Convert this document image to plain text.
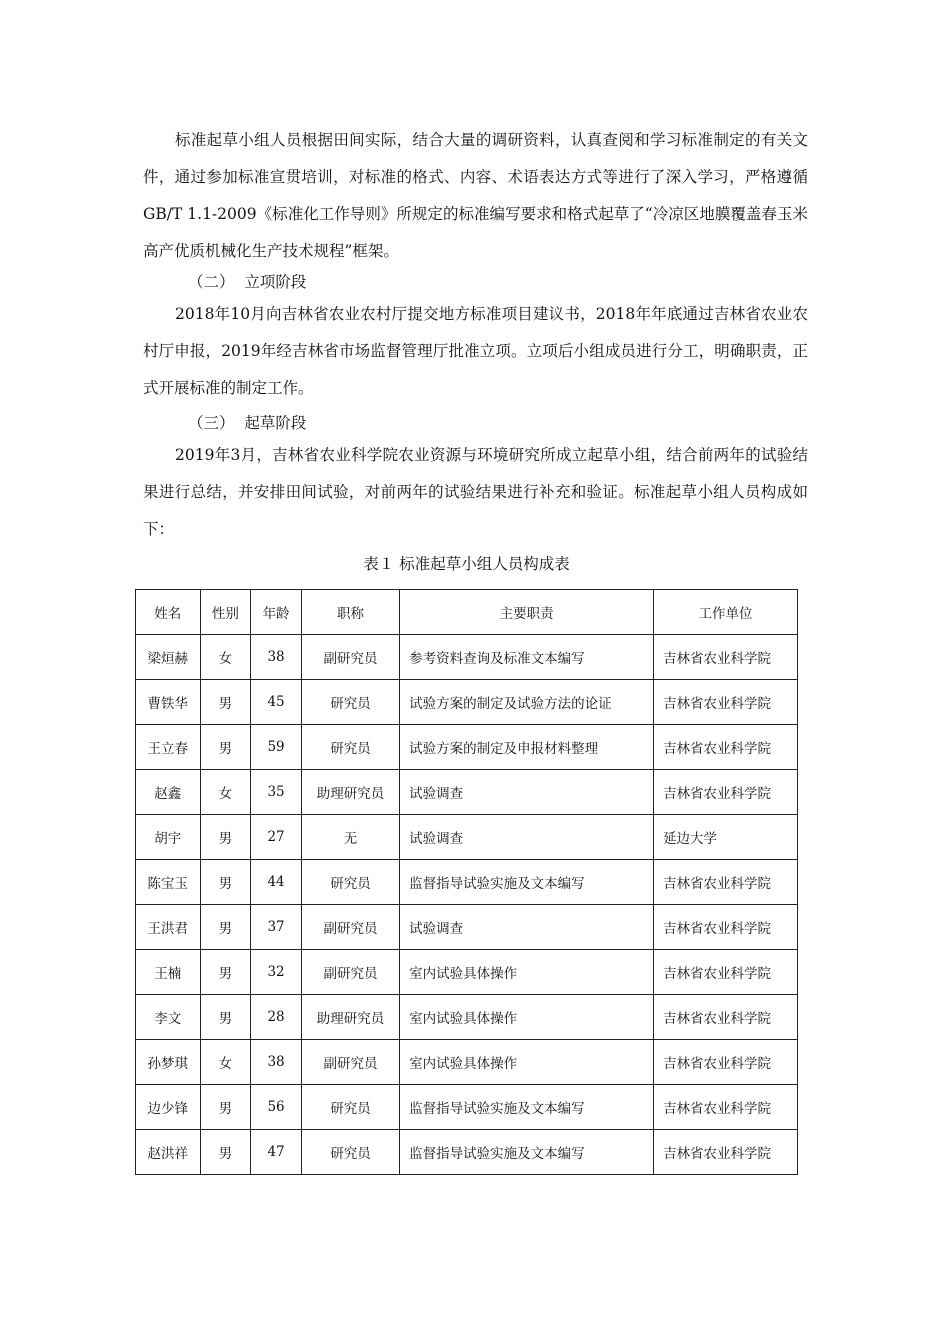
标准起草小组人员根据田间实际，结合大量的调研资料，认真查阅和学习标准制定的有关文件，通过参加标准宣贯培训，对标准的格式、内容、术语表达方式等进行了深入学习，严格遵循GB/T 1.1-2009《标准化工作导则》所规定的标准编写要求和格式起草了“冷凉区地膜覆盖春玉米高产优质机械化生产技术规程”框架。

（二）  立项阶段

2018年10月向吉林省农业农村厅提交地方标准项目建议书，2018年年底通过吉林省农业农村厅申报，2019年经吉林省市场监督管理厅批准立项。立项后小组成员进行分工，明确职责，正式开展标准的制定工作。

（三）  起草阶段

2019年3月，吉林省农业科学院农业资源与环境研究所成立起草小组，结合前两年的试验结果进行总结，并安排田间试验，对前两年的试验结果进行补充和验证。标准起草小组人员构成如下：

表１ 标准起草小组人员构成表

姓名	性别	年龄	职称	主要职责	工作单位
梁烜赫	女	38	副研究员	参考资料查询及标准文本编写	吉林省农业科学院
曹铁华	男	45	研究员	试验方案的制定及试验方法的论证	吉林省农业科学院
王立春	男	59	研究员	试验方案的制定及申报材料整理	吉林省农业科学院
赵鑫	女	35	助理研究员	试验调查	吉林省农业科学院
胡宇	男	27	无	试验调查	延边大学
陈宝玉	男	44	研究员	监督指导试验实施及文本编写	吉林省农业科学院
王洪君	男	37	副研究员	试验调查	吉林省农业科学院
王楠	男	32	副研究员	室内试验具体操作	吉林省农业科学院
李文	男	28	助理研究员	室内试验具体操作	吉林省农业科学院
孙梦琪	女	38	副研究员	室内试验具体操作	吉林省农业科学院
边少锋	男	56	研究员	监督指导试验实施及文本编写	吉林省农业科学院
赵洪祥	男	47	研究员	监督指导试验实施及文本编写	吉林省农业科学院
